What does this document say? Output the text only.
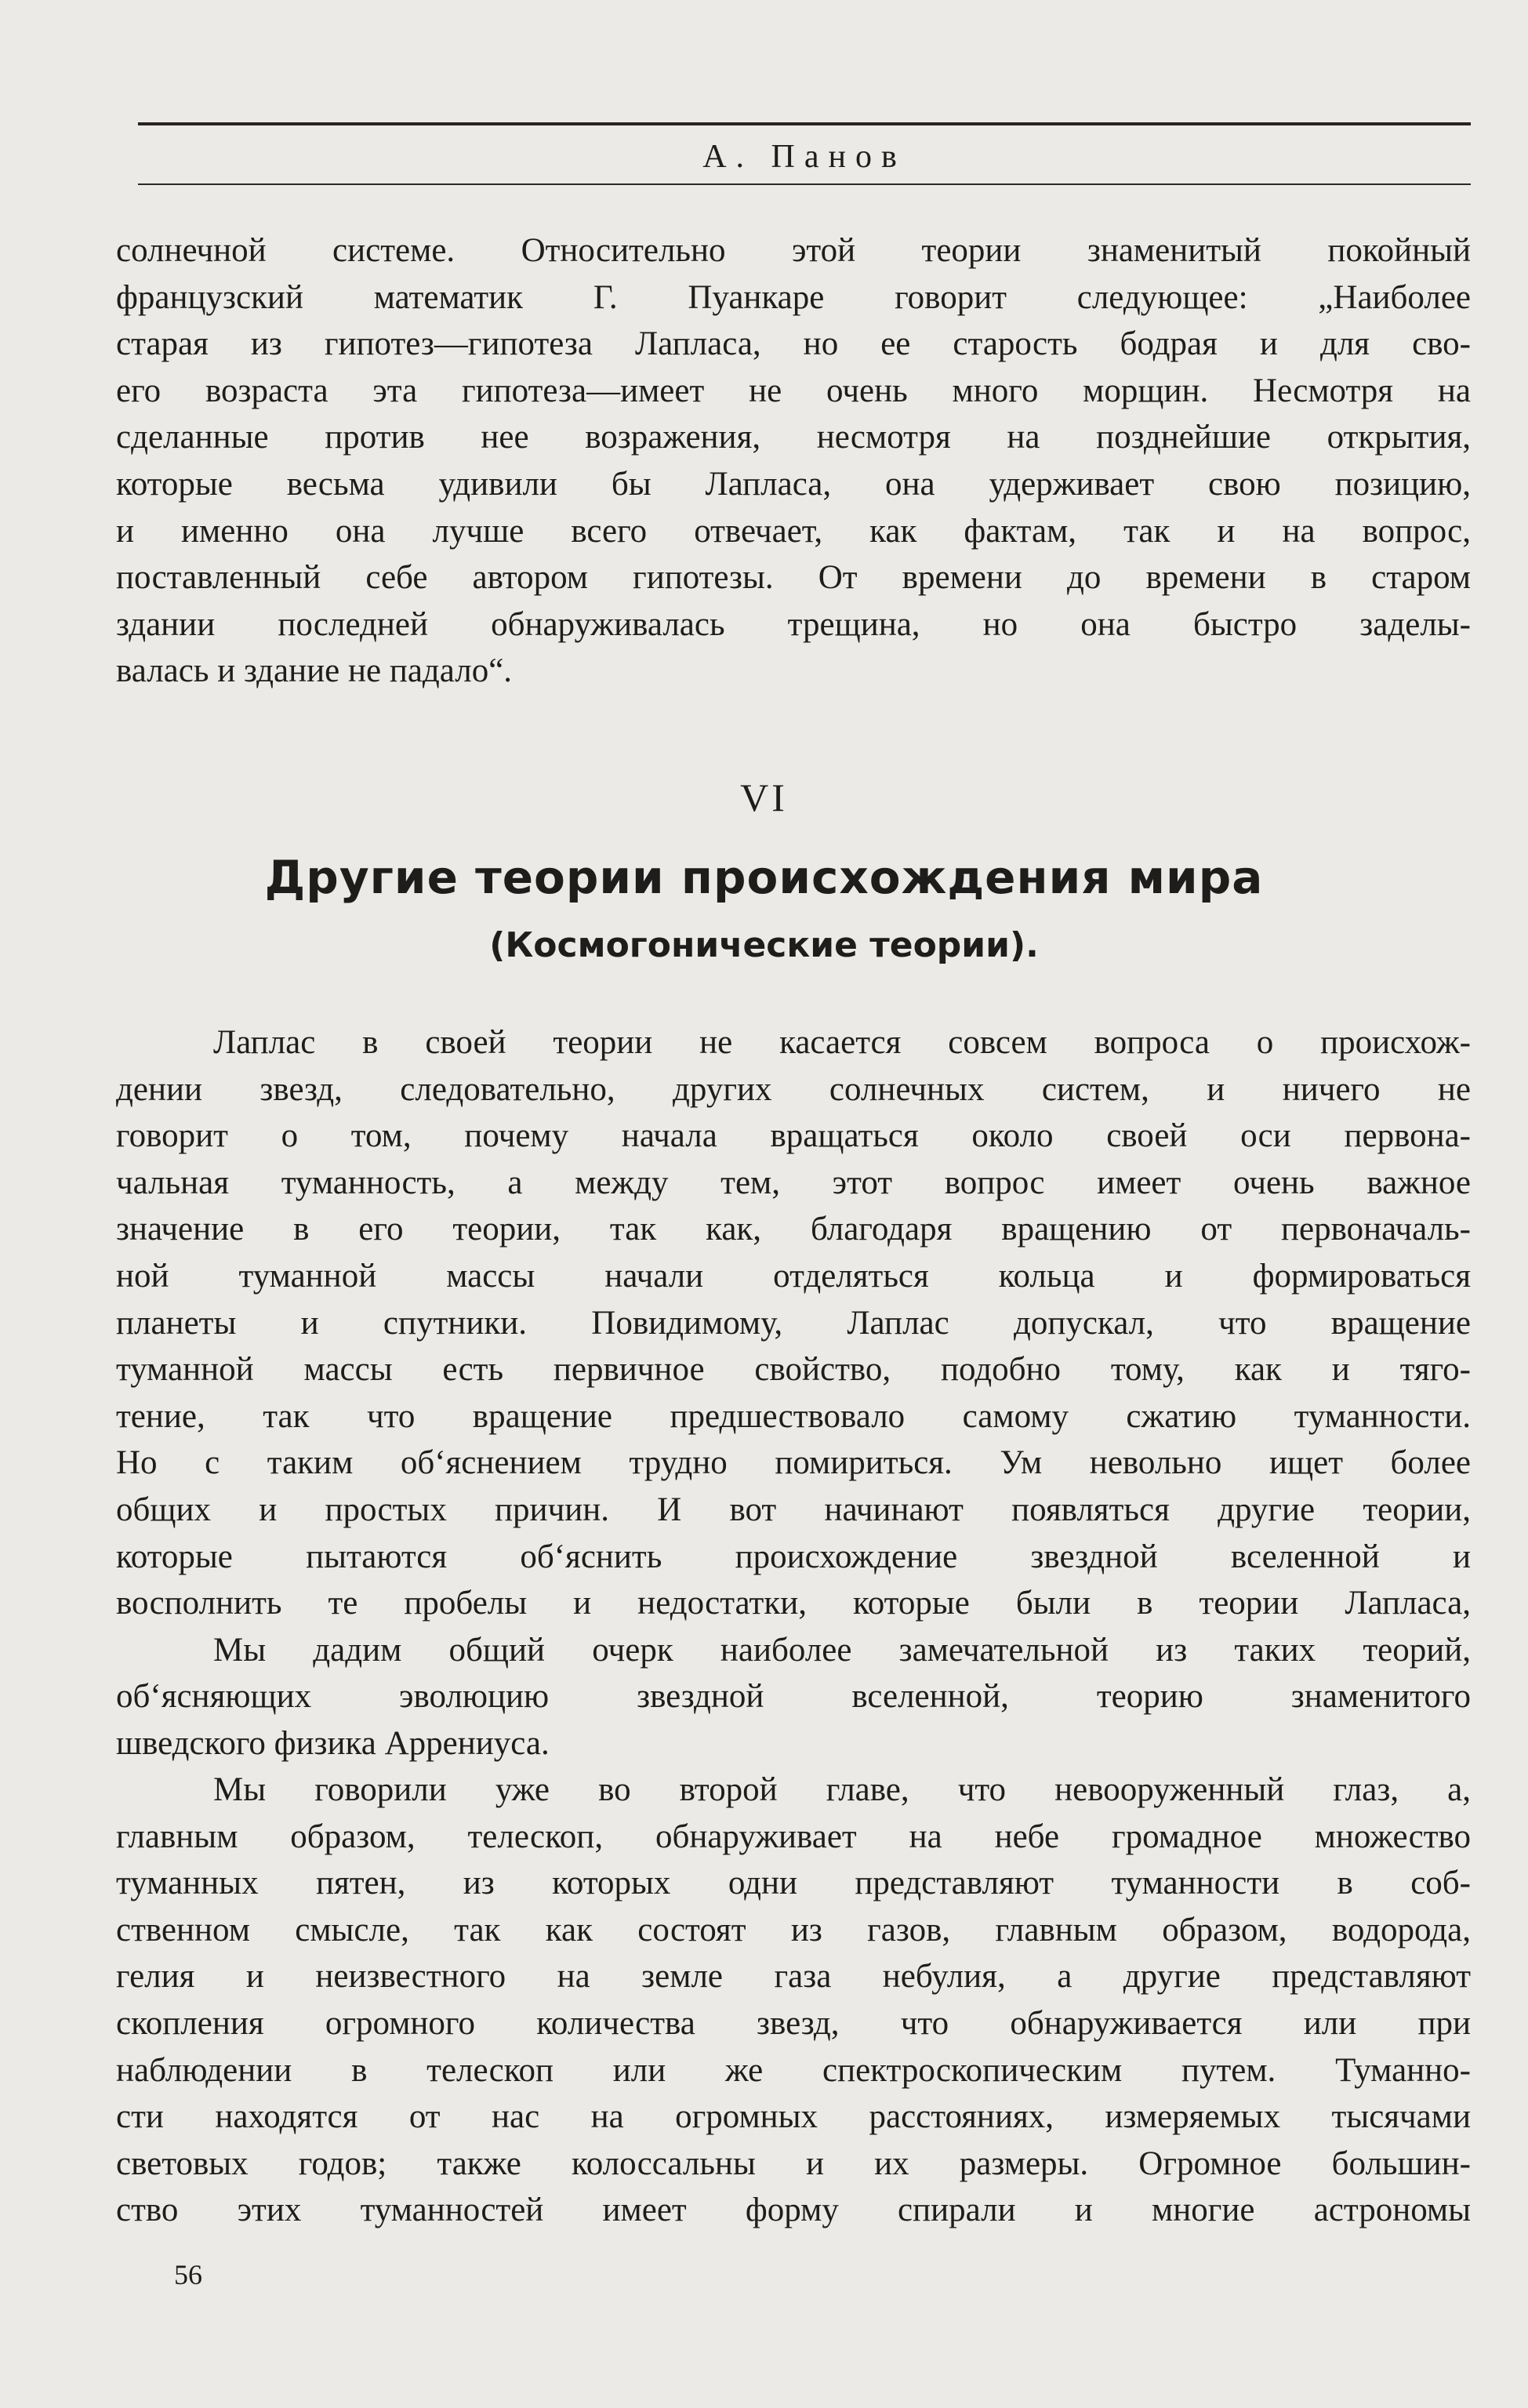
А. Панов
солнечной системе. Относительно этой теории знаменитый покойный
французский математик Г. Пуанкаре говорит следующее: „Наиболее
старая из гипотез—гипотеза Лапласа, но ее старость бодрая и для сво-
его возраста эта гипотеза—имеет не очень много морщин. Несмотря на
сделанные против нее возражения, несмотря на позднейшие открытия,
которые весьма удивили бы Лапласа, она удерживает свою позицию,
и именно она лучше всего отвечает, как фактам, так и на вопрос,
поставленный себе автором гипотезы. От времени до времени в старом
здании последней обнаруживалась трещина, но она быстро заделы-
валась и здание не падало“.
VI
Другие теории происхождения мира
(Космогонические теории).
Лаплас в своей теории не касается совсем вопроса о происхож-
дении звезд, следовательно, других солнечных систем, и ничего не
говорит о том, почему начала вращаться около своей оси первона-
чальная туманность, а между тем, этот вопрос имеет очень важное
значение в его теории, так как, благодаря вращению от первоначаль-
ной туманной массы начали отделяться кольца и формироваться
планеты и спутники. Повидимому, Лаплас допускал, что вращение
туманной массы есть первичное свойство, подобно тому, как и тяго-
тение, так что вращение предшествовало самому сжатию туманности.
Но с таким об‘яснением трудно помириться. Ум невольно ищет более
общих и простых причин. И вот начинают появляться другие теории,
которые пытаются об‘яснить происхождение звездной вселенной и
восполнить те пробелы и недостатки, которые были в теории Лапласа,
Мы дадим общий очерк наиболее замечательной из таких теорий,
об‘ясняющих эволюцию звездной вселенной, теорию знаменитого
шведского физика Аррениуса.
Мы говорили уже во второй главе, что невооруженный глаз, а,
главным образом, телескоп, обнаруживает на небе громадное множество
туманных пятен, из которых одни представляют туманности в соб-
ственном смысле, так как состоят из газов, главным образом, водорода,
гелия и неизвестного на земле газа небулия, а другие представляют
скопления огромного количества звезд, что обнаруживается или при
наблюдении в телескоп или же спектроскопическим путем. Туманно-
сти находятся от нас на огромных расстояниях, измеряемых тысячами
световых годов; также колоссальны и их размеры. Огромное большин-
ство этих туманностей имеет форму спирали и многие астрономы
56
